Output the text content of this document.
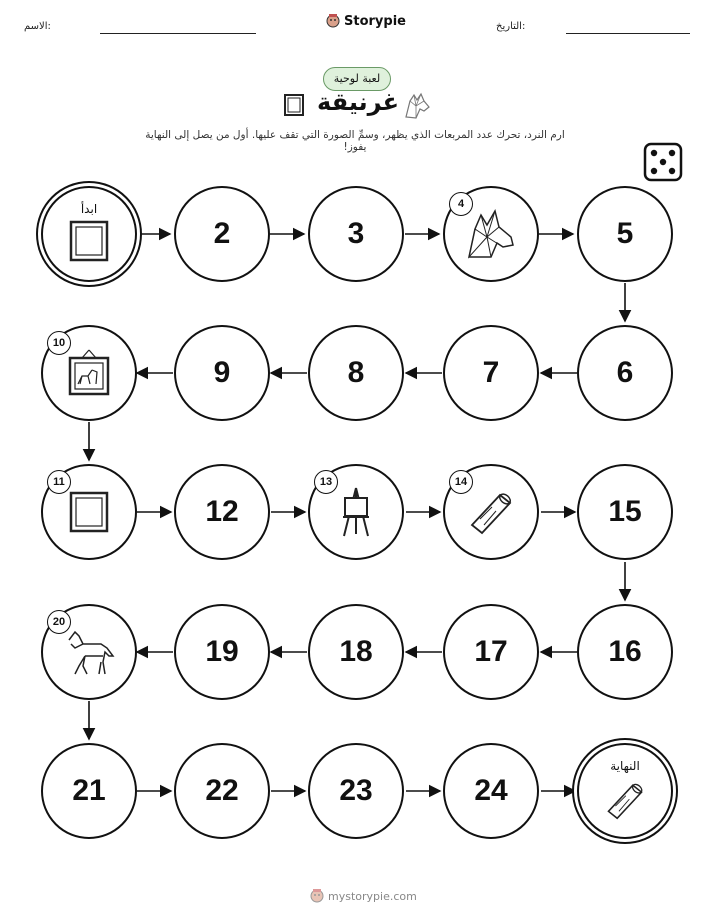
الاسم:	Storypie	التاريخ:
لعبة لوحية
غرنيقة
ارم النرد، تحرك عدد المربعات الذي يظهر، وسمِّ الصورة التي تقف عليها. أول من يصل إلى النهاية يفوز!
ابدأ
2	3
4
5
10
9	8	7	6
11
12
13	14
15
20
19	18	17	16
21	22	23	24
النهاية
mystorypie.com
